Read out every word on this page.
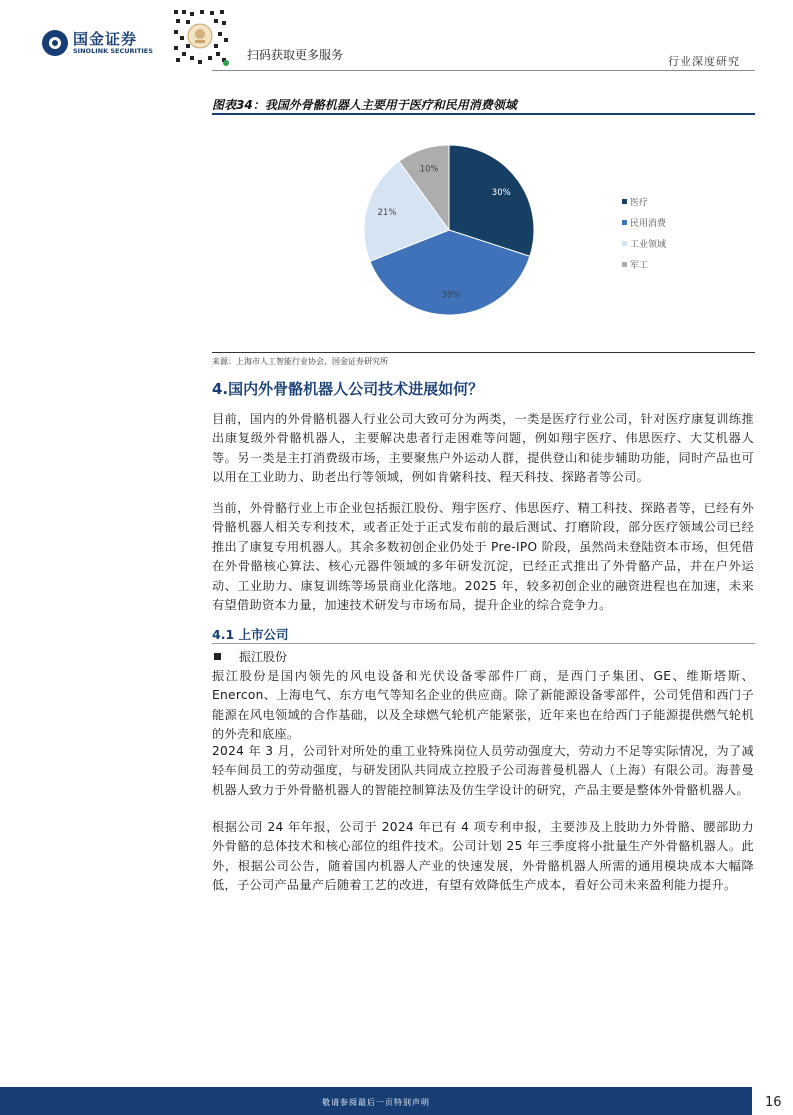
国金证券
SINOLINK SECURITIES	扫码获取更多服务	行业深度研究
图表34：我国外骨骼机器人主要用于医疗和民用消费领域
30%
39%
21%
10%
医疗
民用消费
工业领域
军工
来源：上海市人工智能行业协会，国金证券研究所
4.国内外骨骼机器人公司技术进展如何？

目前，国内的外骨骼机器人行业公司大致可分为两类，一类是医疗行业公司，针对医疗康复训练推出康复级外骨骼机器人，主要解决患者行走困难等问题，例如翔宇医疗、伟思医疗、大艾机器人等。另一类是主打消费级市场，主要聚焦户外运动人群，提供登山和徒步辅助功能，同时产品也可以用在工业助力、助老出行等领域，例如肯綮科技、程天科技、探路者等公司。

当前，外骨骼行业上市企业包括振江股份、翔宇医疗、伟思医疗、精工科技、探路者等，已经有外骨骼机器人相关专利技术，或者正处于正式发布前的最后测试、打磨阶段，部分医疗领域公司已经推出了康复专用机器人。其余多数初创企业仍处于 Pre-IPO 阶段，虽然尚未登陆资本市场，但凭借在外骨骼核心算法、核心元器件领域的多年研发沉淀，已经正式推出了外骨骼产品，并在户外运动、工业助力、康复训练等场景商业化落地。2025 年，较多初创企业的融资进程也在加速，未来有望借助资本力量，加速技术研发与市场布局，提升企业的综合竞争力。

4.1 上市公司
振江股份

振江股份是国内领先的风电设备和光伏设备零部件厂商，是西门子集团、GE、维斯塔斯、Enercon、上海电气、东方电气等知名企业的供应商。除了新能源设备零部件，公司凭借和西门子能源在风电领域的合作基础，以及全球燃气轮机产能紧张，近年来也在给西门子能源提供燃气轮机的外壳和底座。

2024 年 3 月，公司针对所处的重工业特殊岗位人员劳动强度大，劳动力不足等实际情况，为了减轻车间员工的劳动强度，与研发团队共同成立控股子公司海普曼机器人（上海）有限公司。海普曼机器人致力于外骨骼机器人的智能控制算法及仿生学设计的研究，产品主要是整体外骨骼机器人。

根据公司 24 年年报，公司于 2024 年已有 4 项专利申报，主要涉及上肢助力外骨骼、腰部助力外骨骼的总体技术和核心部位的组件技术。公司计划 25 年三季度将小批量生产外骨骼机器人。此外，根据公司公告，随着国内机器人产业的快速发展，外骨骼机器人所需的通用模块成本大幅降低，子公司产品量产后随着工艺的改进，有望有效降低生产成本，看好公司未来盈利能力提升。

敬请参阅最后一页特别声明	16
